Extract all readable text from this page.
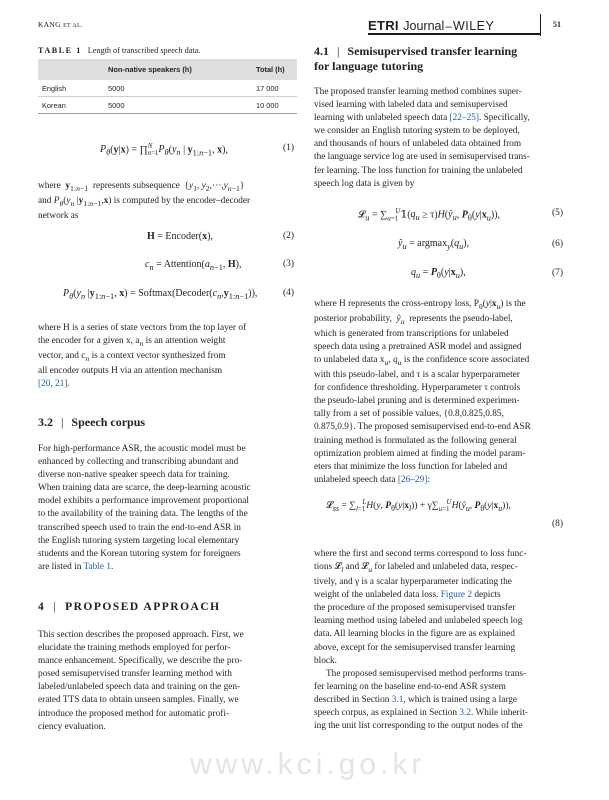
KANG ET AL.	ETRI Journal–WILEY	51
TABLE 1 Length of transcribed speech data.
	Non-native speakers (h)	Total (h)
English	5000	17 000
Korean	5000	10 000
$P_\theta(y|x)$ = $\prod^N_{n=1}P_\theta(y_n$ | $y_{1:n-1}$, x),	(1)

where $y_{1:n-1}$ represents subsequence  {$y_1$, $y_2,\cdots,y_{n-1}$}

and $P_\theta(y_n$ $|y_{1:n-1},x$) is computed by the encoder–decoder

network as

H = Encoder(x),	(2)
$c_n$ = $Attention(a_{n-1}$, H),	(3)
$P_\theta(y_n$ $|y_{1:n-1}$, $x) = Softmax(Decoder(c_n,y_{1:n-1}))$,	(4)

where H is a series of state vectors from the top layer of

the encoder for a given x, $a_n$ is an attention weight

vector, and $c_n$ is a context vector synthesized from

all encoder outputs H via an attention mechanism

[20, 21].

3.2 | Speech corpus

For high-performance ASR, the acoustic model must be

enhanced by collecting and transcribing abundant and

diverse non-native speaker speech data for training.

When training data are scarce, the deep-learning acoustic

model exhibits a performance improvement proportional

to the availability of the training data. The lengths of the

transcribed speech used to train the end-to-end ASR in

the English tutoring system targeting local elementary

students and the Korean tutoring system for foreigners

are listed in Table 1.

4 | PROPOSED APPROACH

This section describes the proposed approach. First, we

elucidate the training methods employed for perfor-

mance enhancement. Specifically, we describe the pro-

posed semisupervised transfer learning method with

labeled/unlabeled speech data and training on the gen-

erated TTS data to obtain unseen samples. Finally, we

introduce the proposed method for automatic profi-

ciency evaluation.

4.1 | Semisupervised transfer learning
for language tutoring

The proposed transfer learning method combines super-

vised learning with labeled data and semisupervised

learning with unlabeled speech data [22–25]. Specifically,

we consider an English tutoring system to be deployed,

and thousands of hours of unlabeled data obtained from

the language service log are used in semisupervised trans-

fer learning. The loss function for training the unlabeled

speech log data is given by

𝓛$_u$ = $\sum_{u=1}^U𝟙(q_u$ ≥ $\tau)H(ŷ_u$, $P_\theta(y|x_u)$),	(5)
$ŷ_u = argmax_y(q_u)$,	(6)
$q_u = P_\theta(y|x_u)$,	(7)

where H represents the cross-entropy loss, $P_\theta(y|x_u)$ is the

posterior probability, $ŷ_u$  represents the pseudo-label,

which is generated from transcriptions for unlabeled

speech data using a pretrained ASR model and assigned

to unlabeled data $x_u$, $q_u$ is the confidence score associated

with this pseudo-label, and τ is a scalar hyperparameter

for confidence thresholding. Hyperparameter τ controls

the pseudo-label pruning and is determined experimen-

tally from a set of possible values, {0.8,0.825,0.85,

0.875,0.9}. The proposed semisupervised end-to-end ASR

training method is formulated as the following general

optimization problem aimed at finding the model param-

eters that minimize the loss function for labeled and

unlabeled speech data [26–29]:

𝓛$_{ss}$ = $\sum_{l=1}^LH(y$, $P_\theta(y|x_l)$) + $\gamma\sum_{u=1}^UH(ŷ_u$, $P_\theta(y|x_u)$),
(8)

where the first and second terms correspond to loss func-

tions 𝓛$_l$ and 𝓛$_u$ for labeled and unlabeled data, respec-

tively, and γ is a scalar hyperparameter indicating the

weight of the unlabeled data loss. Figure 2 depicts

the procedure of the proposed semisupervised transfer

learning method using labeled and unlabeled speech log

data. All learning blocks in the figure are as explained

above, except for the semisupervised transfer learning

block.

The proposed semisupervised method performs trans-

fer learning on the baseline end-to-end ASR system

described in Section 3.1, which is trained using a large

speech corpus, as explained in Section 3.2. While inherit-

ing the unit list corresponding to the output nodes of the

www.kci.go.kr
